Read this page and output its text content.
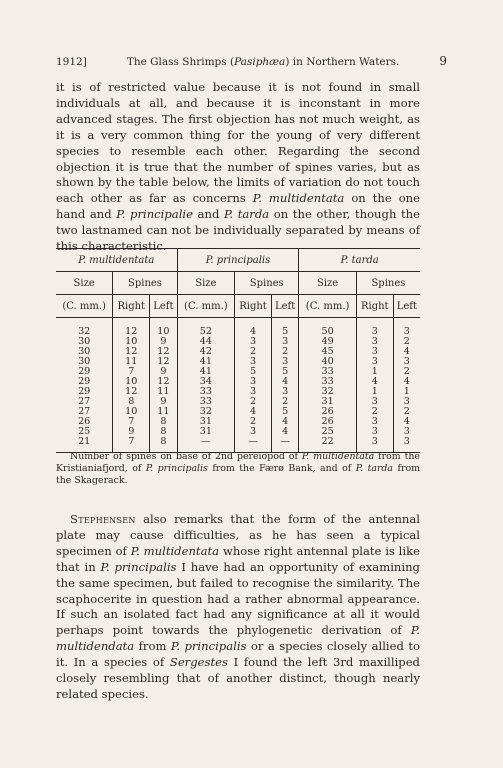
1912]	The Glass Shrimps (Pasiphæa) in Northern Waters.	9

it is of restricted value because it is not found in small individuals at all, and because it is inconstant in more advanced stages. The first objection has not much weight, as it is a very common thing for the young of very different species to resemble each other. Regarding the second objection it is true that the number of spines varies, but as shown by the table below, the limits of variation do not touch each other as far as concerns P. multidentata on the one hand and P. principalie and P. tarda on the other, though the two lastnamed can not be individually separated by means of this characteristic.

P. multidentata			P. principalis			P. tarda		
Size	Spines		Size	Spines		Size	Spines	
(C. mm.)	Right	Left	(C. mm.)	Right	Left	(C. mm.)	Right	Left
32	12	10	52	4	5	50	3	3
30	10	9	44	3	3	49	3	2
30	12	12	42	2	2	45	3	4
30	11	12	41	3	3	40	3	3
29	7	9	41	5	5	33	1	2
29	10	12	34	3	4	33	4	4
29	12	11	33	3	3	32	1	1
27	8	9	33	2	2	31	3	3
27	10	11	32	4	5	26	2	2
26	7	8	31	2	4	26	3	4
25	9	8	31	3	4	25	3	3
21	7	8	—	—	—	22	3	3

Number of spines on base of 2nd pereiopod of P. multidentata from the Kristianiafjord, of P. principalis from the Færø Bank, and of P. tarda from the Skagerack.

Stephensen also remarks that the form of the antennal plate may cause difficulties, as he has seen a typical specimen of P. multidentata whose right antennal plate is like that in P. principalis I have had an opportunity of examining the same specimen, but failed to recognise the similarity. The scaphocerite in question had a rather abnormal appearance. If such an isolated fact had any significance at all it would perhaps point towards the phylogenetic derivation of P. multidendata from P. principalis or a species closely allied to it. In a species of Sergestes I found the left 3rd maxilliped closely resembling that of another distinct, though nearly related species.
